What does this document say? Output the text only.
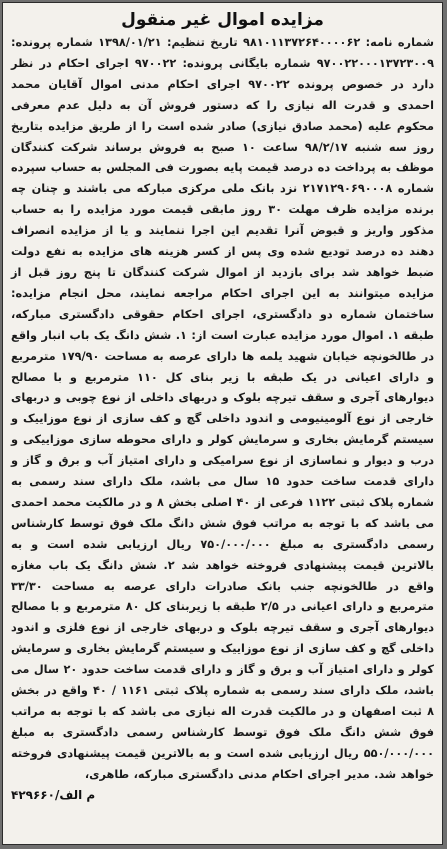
مزایده اموال غیر منقول

شماره نامه: ۹۸۱۰۱۱۳۷۲۶۴۰۰۰۰۶۲ تاریخ تنظیم: ۱۳۹۸/۰۱/۲۱ شماره پرونده: ۹۷۰۰۲۲۰۰۰۱۳۷۲۳۰۰۹ شماره بایگانی پرونده: ۹۷۰۰۲۲ اجرای احکام در نظر دارد در خصوص پرونده ۹۷۰۰۲۲ اجرای احکام مدنی اموال آقایان محمد احمدی و قدرت اله نیازی را که دستور فروش آن به دلیل عدم معرفی محکوم علیه (محمد صادق نیازی) صادر شده است را از طریق مزایده بتاریخ روز سه شنبه ۹۸/۲/۱۷ ساعت ۱۰ صبح به فروش برساند شرکت کنندگان موظف به پرداخت ده درصد قیمت پایه بصورت فی المجلس به حساب سپرده شماره ۲۱۷۱۲۹۰۶۹۰۰۰۸ نزد بانک ملی مرکزی مبارکه می باشند و چنان چه برنده مزایده ظرف مهلت ۳۰ روز مابقی قیمت مورد مزایده را به حساب مذکور واریز و قبوض آنرا تقدیم این اجرا ننمایند و یا از مزایده انصراف دهند ده درصد تودیع شده وی پس از کسر هزینه های مزایده به نفع دولت ضبط خواهد شد برای بازدید از اموال شرکت کنندگان تا پنج روز قبل از مزایده میتوانند به این اجرای احکام مراجعه نمایند، محل انجام مزایده: ساختمان شماره دو دادگستری، اجرای احکام حقوقی دادگستری مبارکه، طبقه ۱. اموال مورد مزایده عبارت است از: ۱. شش دانگ یک باب انبار واقع در طالخونچه خیابان شهید یلمه ها دارای عرصه به مساحت ۱۷۹/۹۰ مترمربع و دارای اعیانی در یک طبقه با زیر بنای کل ۱۱۰ مترمربع و با مصالح دیوارهای آجری و سقف تیرچه بلوک و دربهای داخلی از نوع چوبی و دربهای خارجی از نوع آلومینیومی و اندود داخلی گچ و کف سازی از نوع موزاییک و سیستم گرمایش بخاری و سرمایش کولر و دارای محوطه سازی موزاییکی و درب و دیوار و نماسازی از نوع سرامیکی و دارای امتیاز آب و برق و گاز و دارای قدمت ساخت حدود ۱۵ سال می باشد، ملک دارای سند رسمی به شماره پلاک ثبتی ۱۱۲۲ فرعی از ۴۰ اصلی بخش ۸ و در مالکیت محمد احمدی می باشد که با توجه به مراتب فوق شش دانگ ملک فوق توسط کارشناس رسمی دادگستری به مبلغ ۷۵۰/۰۰۰/۰۰۰ ریال ارزیابی شده است و به بالاترین قیمت پیشنهادی فروخته خواهد شد ۲. شش دانگ یک باب مغازه واقع در طالخونچه جنب بانک صادرات دارای عرصه به مساحت ۳۳/۳۰ مترمربع و دارای اعیانی در ۲/۵ طبقه با زیربنای کل ۸۰ مترمربع و با مصالح دیوارهای آجری و سقف تیرچه بلوک و دربهای خارجی از نوع فلزی و اندود داخلی گچ و کف سازی از نوع موزاییک و سیستم گرمایش بخاری و سرمایش کولر و دارای امتیاز آب و برق و گاز و دارای قدمت ساخت حدود ۲۰ سال می باشد، ملک دارای سند رسمی به شماره پلاک ثبتی ۱۱۶۱ / ۴۰ واقع در بخش ۸ ثبت اصفهان و در مالکیت قدرت اله نیازی می باشد که با توجه به مراتب فوق شش دانگ ملک فوق توسط کارشناس رسمی دادگستری به مبلغ ۵۵۰/۰۰۰/۰۰۰ ریال ارزیابی شده است و به بالاترین قیمت پیشنهادی فروخته خواهد شد. مدیر اجرای احکام مدنی دادگستری مبارکه، طاهری،

۴۲۹۶۶۰/م الف
